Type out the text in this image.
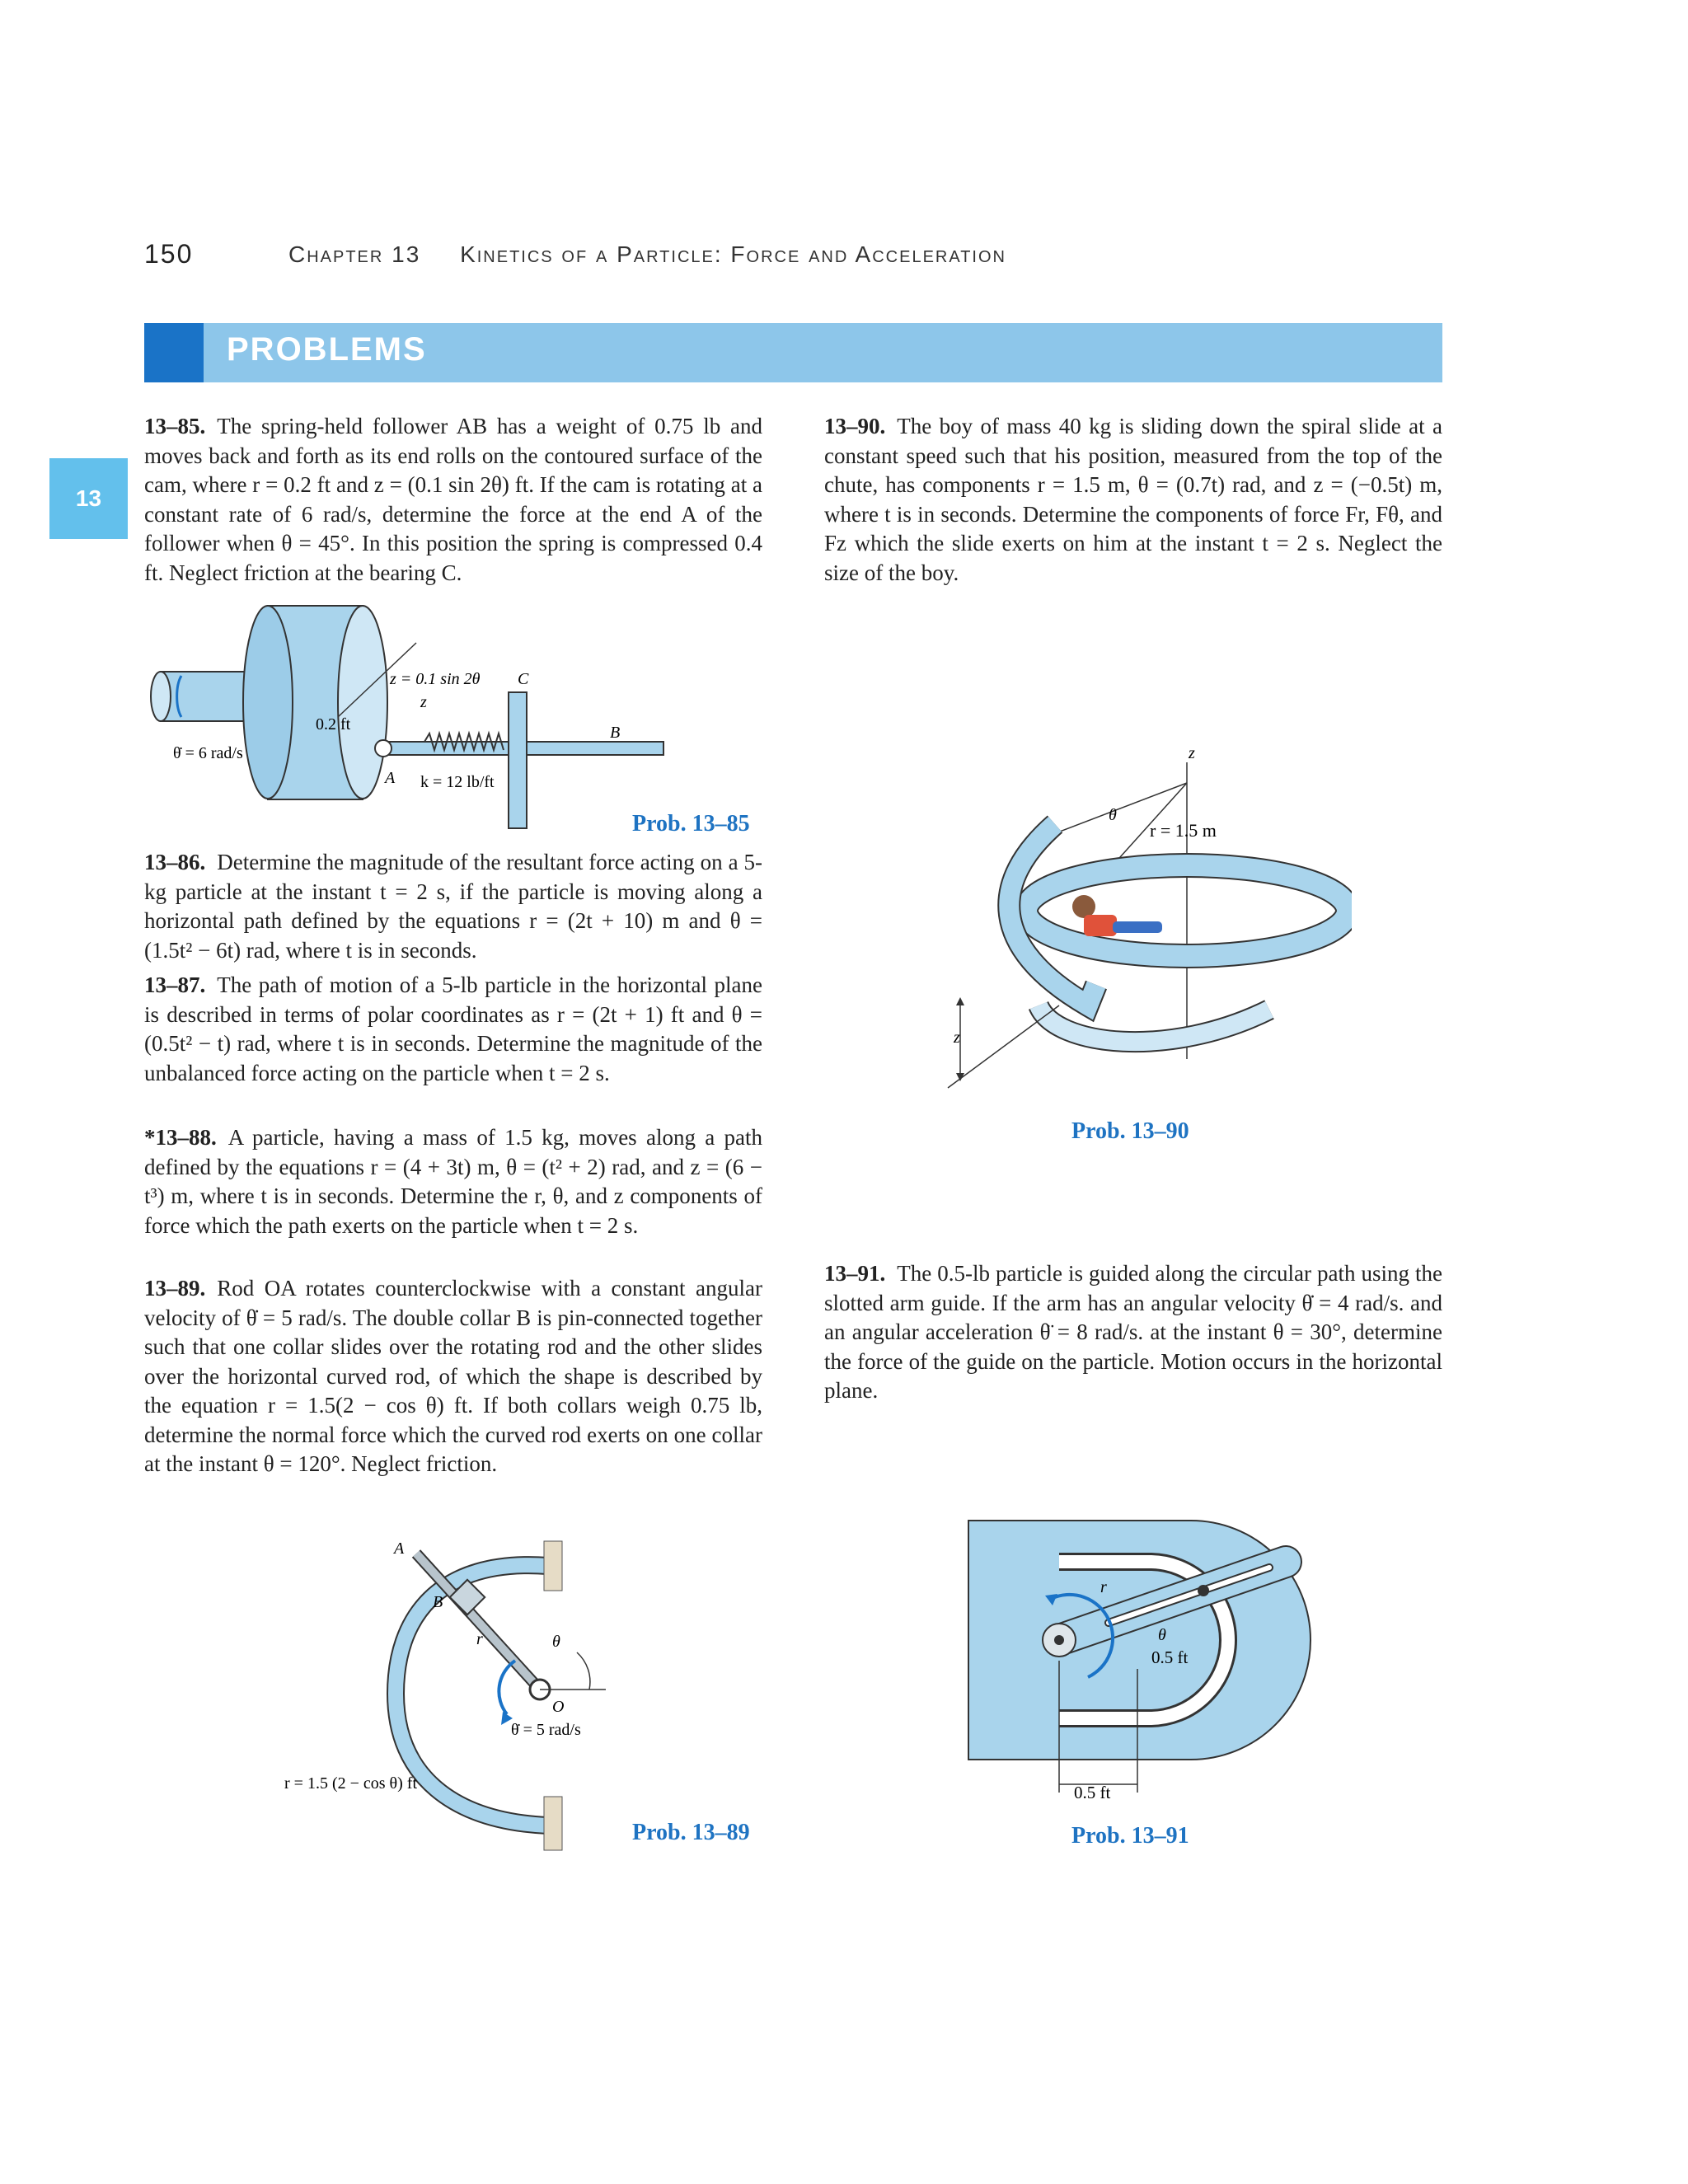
150	Chapter 13 Kinetics of a Particle: Force and Acceleration
PROBLEMS
13
13–85. The spring-held follower AB has a weight of 0.75 lb and moves back and forth as its end rolls on the contoured surface of the cam, where r = 0.2 ft and z = (0.1 sin 2θ) ft. If the cam is rotating at a constant rate of 6 rad/s, determine the force at the end A of the follower when θ = 45°. In this position the spring is compressed 0.4 ft. Neglect friction at the bearing C.
z = 0.1 sin 2θ
z
C
B
A
0.2 ft
θ̇ = 6 rad/s
k = 12 lb/ft
Prob. 13–85
13–86. Determine the magnitude of the resultant force acting on a 5-kg particle at the instant t = 2 s, if the particle is moving along a horizontal path defined by the equations r = (2t + 10) m and θ = (1.5t² − 6t) rad, where t is in seconds.
13–87. The path of motion of a 5-lb particle in the horizontal plane is described in terms of polar coordinates as r = (2t + 1) ft and θ = (0.5t² − t) rad, where t is in seconds. Determine the magnitude of the unbalanced force acting on the particle when t = 2 s.
*13–88. A particle, having a mass of 1.5 kg, moves along a path defined by the equations r = (4 + 3t) m, θ = (t² + 2) rad, and z = (6 − t³) m, where t is in seconds. Determine the r, θ, and z components of force which the path exerts on the particle when t = 2 s.
13–89. Rod OA rotates counterclockwise with a constant angular velocity of θ̇ = 5 rad/s. The double collar B is pin-connected together such that one collar slides over the rotating rod and the other slides over the horizontal curved rod, of which the shape is described by the equation r = 1.5(2 − cos θ) ft. If both collars weigh 0.75 lb, determine the normal force which the curved rod exerts on one collar at the instant θ = 120°. Neglect friction.
A
B
r	θ
O
θ̇ = 5 rad/s
r = 1.5 (2 − cos θ) ft
Prob. 13–89
13–90. The boy of mass 40 kg is sliding down the spiral slide at a constant speed such that his position, measured from the top of the chute, has components r = 1.5 m, θ = (0.7t) rad, and z = (−0.5t) m, where t is in seconds. Determine the components of force Fr, Fθ, and Fz which the slide exerts on him at the instant t = 2 s. Neglect the size of the boy.
z
θ
r = 1.5 m
z
Prob. 13–90
13–91. The 0.5-lb particle is guided along the circular path using the slotted arm guide. If the arm has an angular velocity θ̇ = 4 rad/s. and an angular acceleration θ̈ = 8 rad/s. at the instant θ = 30°, determine the force of the guide on the particle. Motion occurs in the horizontal plane.
r
θ
0.5 ft
0.5 ft
Prob. 13–91
